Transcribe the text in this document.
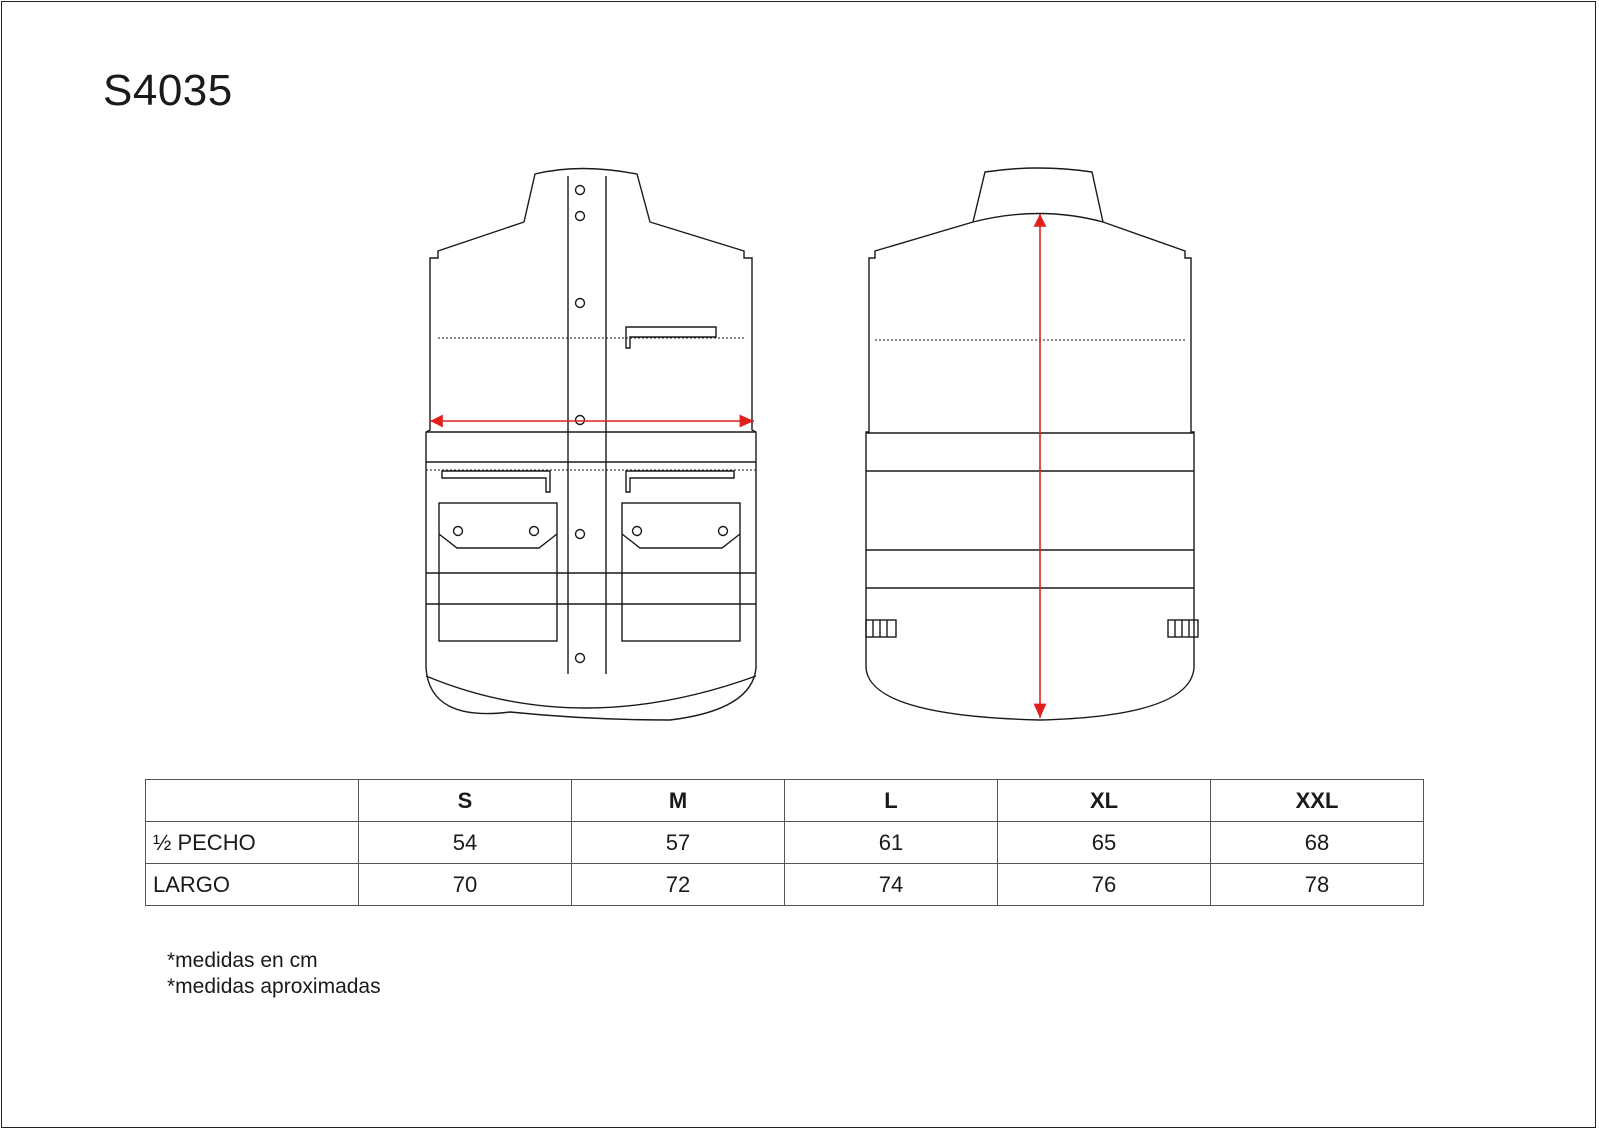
S4035
	S	M	L	XL	XXL
½ PECHO	54	57	61	65	68
LARGO	70	72	74	76	78
*medidas en cm
*medidas aproximadas
